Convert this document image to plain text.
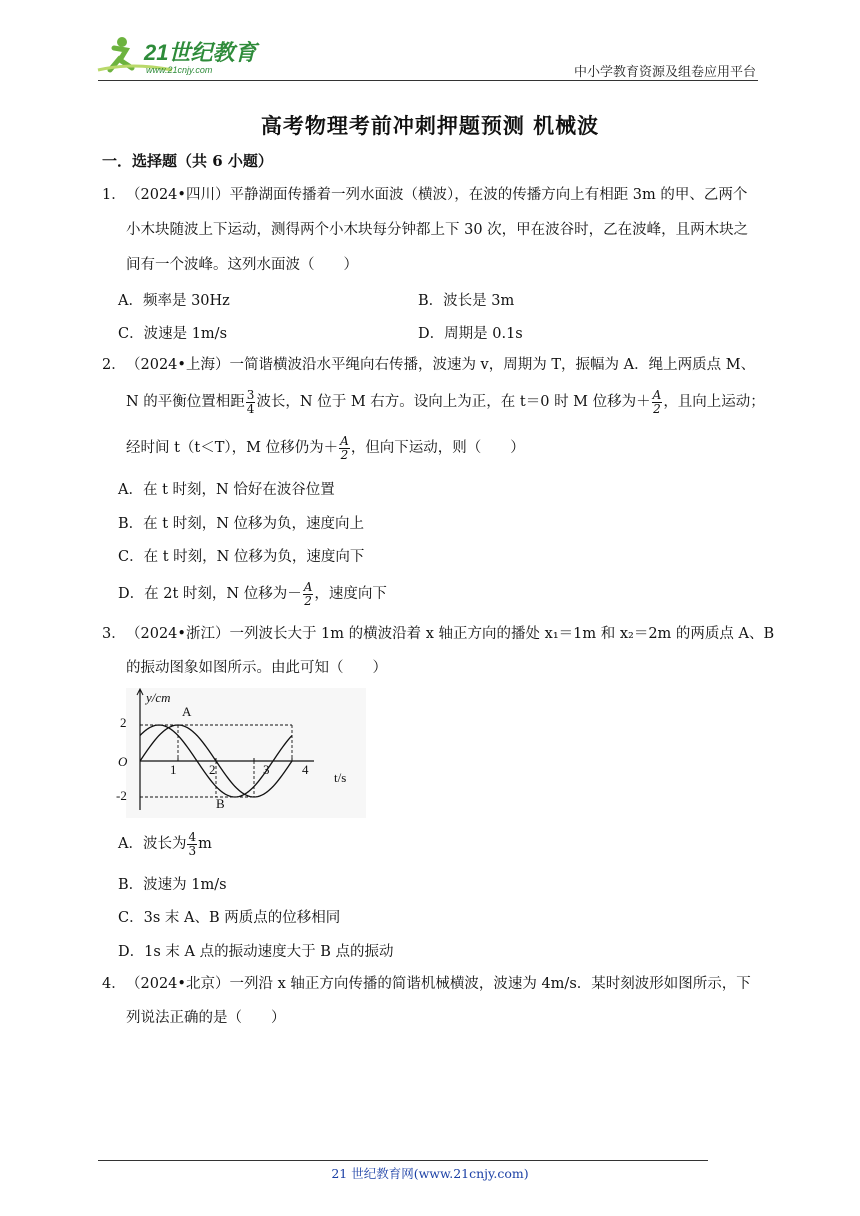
21世纪教育
www.21cnjy.com	中小学教育资源及组卷应用平台
高考物理考前冲刺押题预测 机械波
一．选择题（共 6 小题）
1． （2024•四川）平静湖面传播着一列水面波（横波），在波的传播方向上有相距 3m 的甲、乙两个
小木块随波上下运动，测得两个小木块每分钟都上下 30 次，甲在波谷时，乙在波峰，且两木块之
间有一个波峰。这列水面波（　　）
A．频率是 30Hz	B．波长是 3m
C．波速是 1m/s	D．周期是 0.1s
2． （2024•上海）一简谐横波沿水平绳向右传播，波速为 v，周期为 T，振幅为 A．绳上两质点 M、
N 的平衡位置相距 $\frac{3}{4}$ 波长，N 位于 M 右方。设向上为正，在 t＝0 时 M 位移为＋ $\frac{A}{2}$ ，且向上运动；
经时间 t（t＜T），M 位移仍为＋ $\frac{A}{2}$ ，但向下运动，则（　　）
A．在 t 时刻，N 恰好在波谷位置
B．在 t 时刻，N 位移为负，速度向上
C．在 t 时刻，N 位移为负，速度向下
D．在 2t 时刻，N 位移为－ $\frac{A}{2}$ ，速度向下
3． （2024•浙江）一列波长大于 1m 的横波沿着 x 轴正方向的播处 x₁＝1m 和 x₂＝2m 的两质点 A、B
的振动图象如图所示。由此可知（　　）
y/cm
t/s
O
2
-2
1	2	3	4
A
B
A．波长为 $\frac{4}{3}$ m
B．波速为 1m/s
C．3s 末 A、B 两质点的位移相同
D．1s 末 A 点的振动速度大于 B 点的振动
4． （2024•北京）一列沿 x 轴正方向传播的简谐机械横波，波速为 4m/s．某时刻波形如图所示，下
列说法正确的是（　　）
21 世纪教育网(www.21cnjy.com)
